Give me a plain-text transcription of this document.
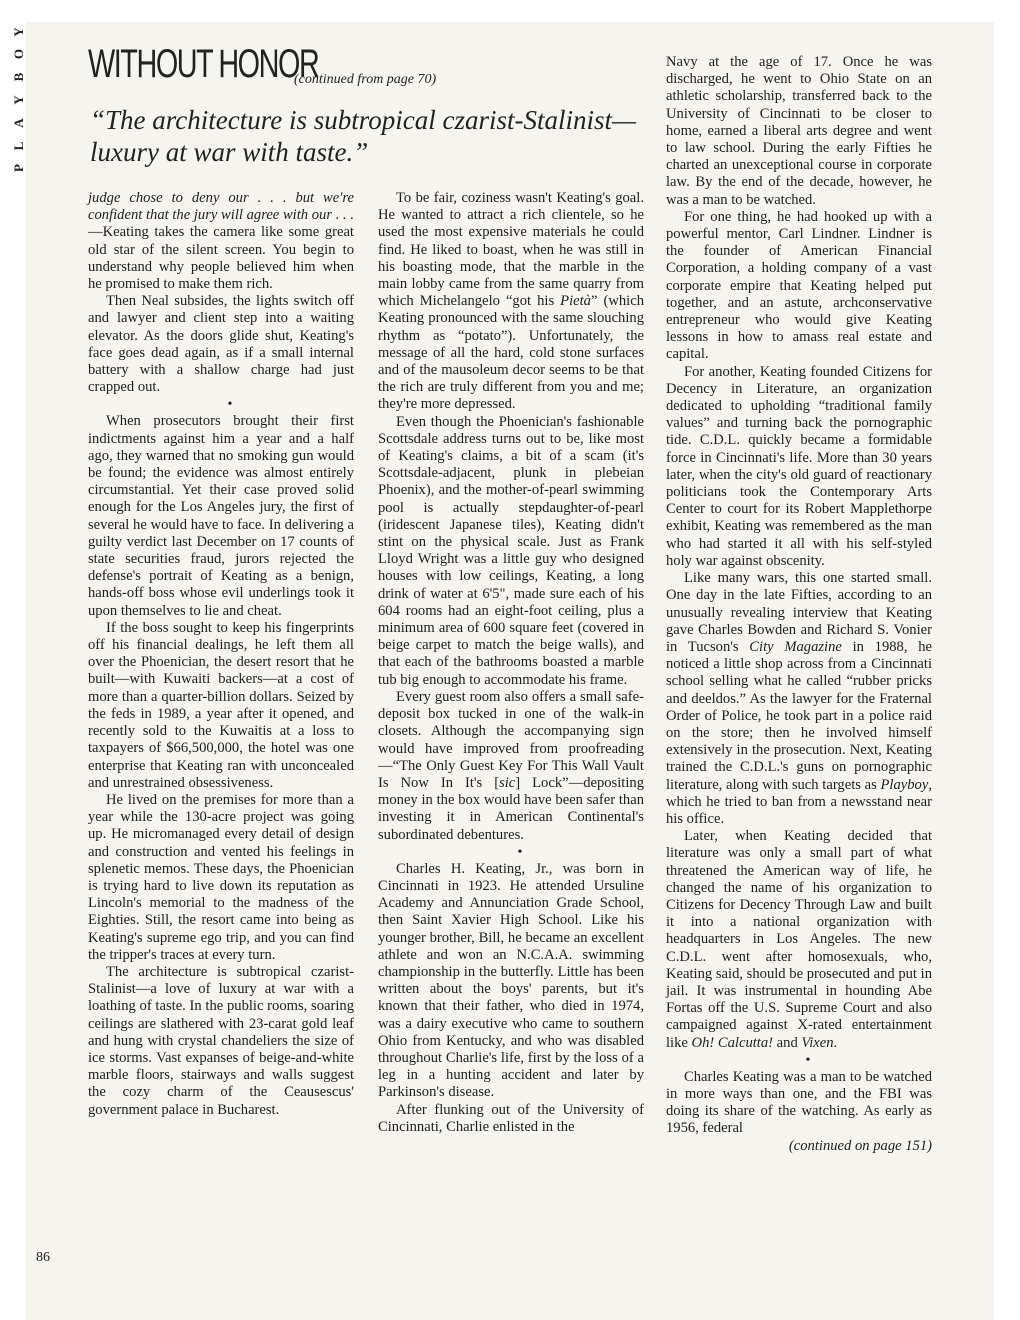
Y
O
B
Y
A
L
P
86
WITHOUT HONOR
(continued from page 70)
“The architecture is subtropical czarist-Stalinist— luxury at war with taste.”

judge chose to deny our . . . but we're confident that the jury will agree with our . . . —Keating takes the camera like some great old star of the silent screen. You begin to understand why people believed him when he promised to make them rich.

Then Neal subsides, the lights switch off and lawyer and client step into a waiting elevator. As the doors glide shut, Keating's face goes dead again, as if a small internal battery with a shallow charge had just crapped out.

•

When prosecutors brought their first indictments against him a year and a half ago, they warned that no smoking gun would be found; the evidence was almost entirely circumstantial. Yet their case proved solid enough for the Los Angeles jury, the first of several he would have to face. In delivering a guilty verdict last December on 17 counts of state securities fraud, jurors rejected the defense's portrait of Keating as a benign, hands-off boss whose evil underlings took it upon themselves to lie and cheat.

If the boss sought to keep his fingerprints off his financial dealings, he left them all over the Phoenician, the desert resort that he built—with Kuwaiti backers—at a cost of more than a quarter-billion dollars. Seized by the feds in 1989, a year after it opened, and recently sold to the Kuwaitis at a loss to taxpayers of $66,500,000, the hotel was one enterprise that Keating ran with unconcealed and unrestrained obsessiveness.

He lived on the premises for more than a year while the 130-acre project was going up. He micromanaged every detail of design and construction and vented his feelings in splenetic memos. These days, the Phoenician is trying hard to live down its reputation as Lincoln's memorial to the madness of the Eighties. Still, the resort came into being as Keating's supreme ego trip, and you can find the tripper's traces at every turn.

The architecture is subtropical czarist-Stalinist—a love of luxury at war with a loathing of taste. In the public rooms, soaring ceilings are slathered with 23-carat gold leaf and hung with crystal chandeliers the size of ice storms. Vast expanses of beige-and-white marble floors, stairways and walls suggest the cozy charm of the Ceausescus' government palace in Bucharest.

To be fair, coziness wasn't Keating's goal. He wanted to attract a rich clientele, so he used the most expensive materials he could find. He liked to boast, when he was still in his boasting mode, that the marble in the main lobby came from the same quarry from which Michelangelo “got his Pietà” (which Keating pronounced with the same slouching rhythm as “potato”). Unfortunately, the message of all the hard, cold stone surfaces and of the mausoleum decor seems to be that the rich are truly different from you and me; they're more depressed.

Even though the Phoenician's fashionable Scottsdale address turns out to be, like most of Keating's claims, a bit of a scam (it's Scottsdale-adjacent, plunk in plebeian Phoenix), and the mother-of-pearl swimming pool is actually stepdaughter-of-pearl (iridescent Japanese tiles), Keating didn't stint on the physical scale. Just as Frank Lloyd Wright was a little guy who designed houses with low ceilings, Keating, a long drink of water at 6'5", made sure each of his 604 rooms had an eight-foot ceiling, plus a minimum area of 600 square feet (covered in beige carpet to match the beige walls), and that each of the bathrooms boasted a marble tub big enough to accommodate his frame.

Every guest room also offers a small safe-deposit box tucked in one of the walk-in closets. Although the accompanying sign would have improved from proofreading—“The Only Guest Key For This Wall Vault Is Now In It's [sic] Lock”—depositing money in the box would have been safer than investing it in American Continental's subordinated debentures.

•

Charles H. Keating, Jr., was born in Cincinnati in 1923. He attended Ursuline Academy and Annunciation Grade School, then Saint Xavier High School. Like his younger brother, Bill, he became an excellent athlete and won an N.C.A.A. swimming championship in the butterfly. Little has been written about the boys' parents, but it's known that their father, who died in 1974, was a dairy executive who came to southern Ohio from Kentucky, and who was disabled throughout Charlie's life, first by the loss of a leg in a hunting accident and later by Parkinson's disease.

After flunking out of the University of Cincinnati, Charlie enlisted in the

Navy at the age of 17. Once he was discharged, he went to Ohio State on an athletic scholarship, transferred back to the University of Cincinnati to be closer to home, earned a liberal arts degree and went to law school. During the early Fifties he charted an unexceptional course in corporate law. By the end of the decade, however, he was a man to be watched.

For one thing, he had hooked up with a powerful mentor, Carl Lindner. Lindner is the founder of American Financial Corporation, a holding company of a vast corporate empire that Keating helped put together, and an astute, archconservative entrepreneur who would give Keating lessons in how to amass real estate and capital.

For another, Keating founded Citizens for Decency in Literature, an organization dedicated to upholding “traditional family values” and turning back the pornographic tide. C.D.L. quickly became a formidable force in Cincinnati's life. More than 30 years later, when the city's old guard of reactionary politicians took the Contemporary Arts Center to court for its Robert Mapplethorpe exhibit, Keating was remembered as the man who had started it all with his self-styled holy war against obscenity.

Like many wars, this one started small. One day in the late Fifties, according to an unusually revealing interview that Keating gave Charles Bowden and Richard S. Vonier in Tucson's City Magazine in 1988, he noticed a little shop across from a Cincinnati school selling what he called “rubber pricks and deeldos.” As the lawyer for the Fraternal Order of Police, he took part in a police raid on the store; then he involved himself extensively in the prosecution. Next, Keating trained the C.D.L.'s guns on pornographic literature, along with such targets as Playboy, which he tried to ban from a newsstand near his office.

Later, when Keating decided that literature was only a small part of what threatened the American way of life, he changed the name of his organization to Citizens for Decency Through Law and built it into a national organization with headquarters in Los Angeles. The new C.D.L. went after homosexuals, who, Keating said, should be prosecuted and put in jail. It was instrumental in hounding Abe Fortas off the U.S. Supreme Court and also campaigned against X-rated entertainment like Oh! Calcutta! and Vixen.

•

Charles Keating was a man to be watched in more ways than one, and the FBI was doing its share of the watching. As early as 1956, federal

(continued on page 151)
